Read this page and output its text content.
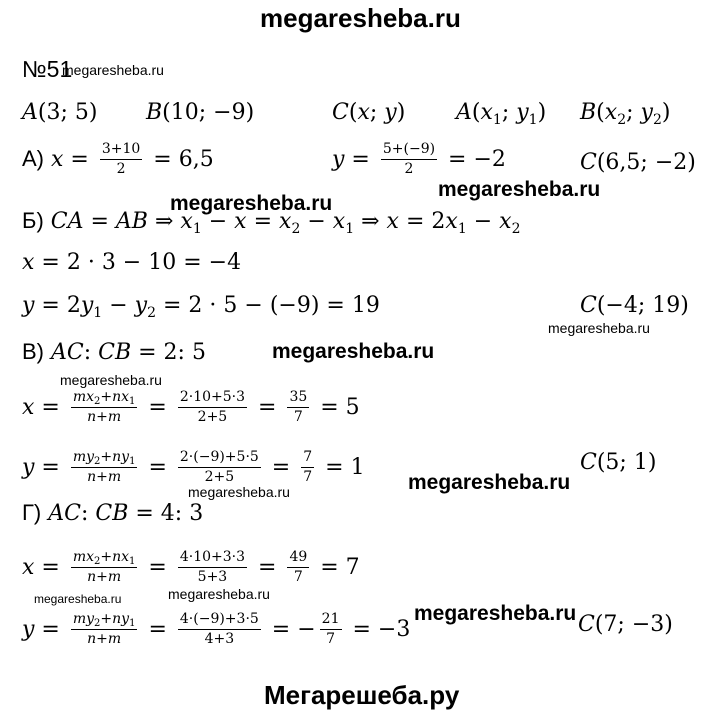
megaresheba.ru
№51
megaresheba.ru
A(3; 5) B(10; −9)	C(x; y) $A(x_1$; $y_1$) $B(x_2$; $y_2$)
А) $x = \frac{3+10}{2} = 6,5$	$y = \frac{5+(-9)}{2} = -2$	C(6,5; −2)
megaresheba.ru
megaresheba.ru
Б) CA = AB ⇒ $x_1 - x = x_2 - x_1$ ⇒ $x = 2x_1 - x_2$
x = 2 · 3 − 10 = −4
$y = 2y_1 - y_2 = 2 \cdot 5 - (-9) = 19$	C(−4; 19)
megaresheba.ru
В) AC: CB = 2: 5	megaresheba.ru
megaresheba.ru
$x = \frac{mx_2+nx_1}{n+m} = \frac{2\cdot 10+5\cdot 3}{2+5} = \frac{35}{7} = 5$
$y = \frac{my_2+ny_1}{n+m} = \frac{2\cdot(-9)+5\cdot 5}{2+5} = \frac{7}{7} = 1$	C(5; 1)
megaresheba.ru
megaresheba.ru
Г) AC: CB = 4: 3
$x = \frac{mx_2+nx_1}{n+m} = \frac{4\cdot 10+3\cdot 3}{5+3} = \frac{49}{7} = 7$
megaresheba.ru	megaresheba.ru
$y = \frac{my_2+ny_1}{n+m} = \frac{4\cdot(-9)+3\cdot 5}{4+3}$ = − $\frac{21}{7} = -3$
megaresheba.ru C(7; −3)
Мегарешеба.ру
